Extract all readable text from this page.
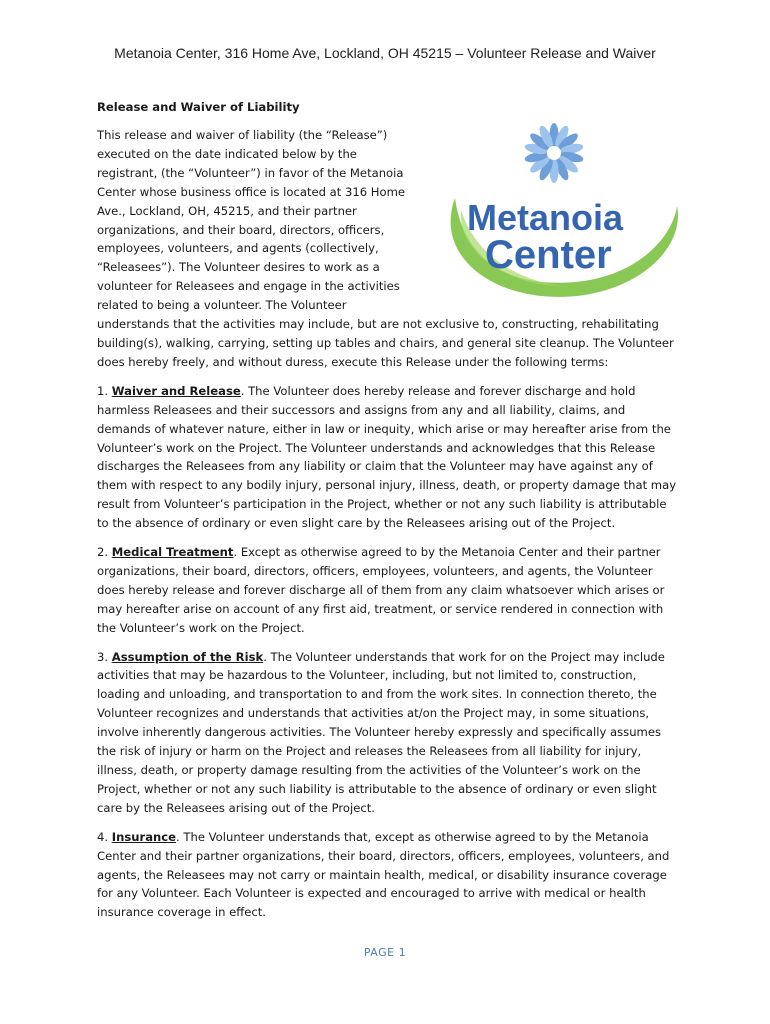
Metanoia Center, 316 Home Ave, Lockland, OH 45215 – Volunteer Release and Waiver
Release and Waiver of Liability
Metanoia
Center

This release and waiver of liability (the “Release”) executed on the date indicated below by the registrant, (the “Volunteer”) in favor of the Metanoia Center whose business office is located at 316 Home Ave., Lockland, OH, 45215, and their partner organizations, and their board, directors, officers, employees, volunteers, and agents (collectively, “Releasees”). The Volunteer desires to work as a volunteer for Releasees and engage in the activities related to being a volunteer. The Volunteer understands that the activities may include, but are not exclusive to, constructing, rehabilitating building(s), walking, carrying, setting up tables and chairs, and general site cleanup. The Volunteer does hereby freely, and without duress, execute this Release under the following terms:

1. Waiver and Release. The Volunteer does hereby release and forever discharge and hold harmless Releasees and their successors and assigns from any and all liability, claims, and demands of whatever nature, either in law or inequity, which arise or may hereafter arise from the Volunteer’s work on the Project. The Volunteer understands and acknowledges that this Release discharges the Releasees from any liability or claim that the Volunteer may have against any of them with respect to any bodily injury, personal injury, illness, death, or property damage that may result from Volunteer’s participation in the Project, whether or not any such liability is attributable to the absence of ordinary or even slight care by the Releasees arising out of the Project.

2. Medical Treatment. Except as otherwise agreed to by the Metanoia Center and their partner organizations, their board, directors, officers, employees, volunteers, and agents, the Volunteer does hereby release and forever discharge all of them from any claim whatsoever which arises or may hereafter arise on account of any first aid, treatment, or service rendered in connection with the Volunteer’s work on the Project.

3. Assumption of the Risk. The Volunteer understands that work for on the Project may include activities that may be hazardous to the Volunteer, including, but not limited to, construction, loading and unloading, and transportation to and from the work sites. In connection thereto, the Volunteer recognizes and understands that activities at/on the Project may, in some situations, involve inherently dangerous activities. The Volunteer hereby expressly and specifically assumes the risk of injury or harm on the Project and releases the Releasees from all liability for injury, illness, death, or property damage resulting from the activities of the Volunteer’s work on the Project, whether or not any such liability is attributable to the absence of ordinary or even slight care by the Releasees arising out of the Project.

4. Insurance. The Volunteer understands that, except as otherwise agreed to by the Metanoia Center and their partner organizations, their board, directors, officers, employees, volunteers, and agents, the Releasees may not carry or maintain health, medical, or disability insurance coverage for any Volunteer. Each Volunteer is expected and encouraged to arrive with medical or health insurance coverage in effect.

PAGE 1
